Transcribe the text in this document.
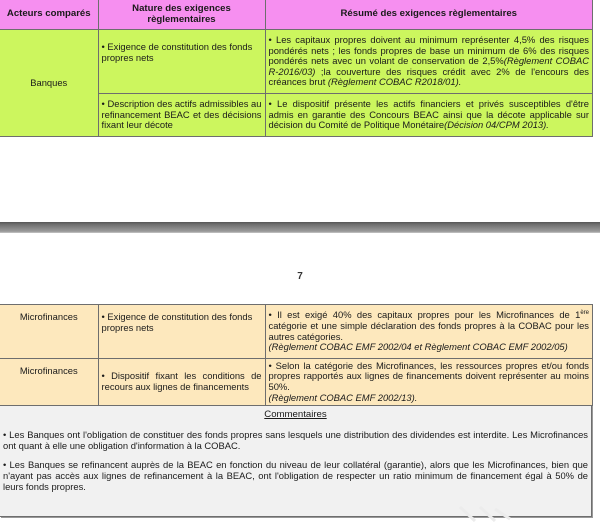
Acteurs comparés	Nature des exigences règlementaires	Résumé des exigences règlementaires
Banques	• Exigence de constitution des fonds propres nets	• Les capitaux propres doivent au minimum représenter 4,5% des risques pondérés nets ; les fonds propres de base un minimum de 6% des risques pondérés nets avec un volant de conservation de 2,5%(Règlement COBAC R-2016/03) ;la couverture des risques crédit avec 2% de l'encours des créances brut (Règlement COBAC R2018/01).
	• Description des actifs admissibles au refinancement BEAC et des décisions fixant leur décote	• Le dispositif présente les actifs financiers et privés susceptibles d'être admis en garantie des Concours BEAC ainsi que la décote applicable sur décision du Comité de Politique Monétaire(Décision 04/CPM 2013).
7
Microfinances	• Exigence de constitution des fonds propres nets	• Il est exigé 40% des capitaux propres pour les Microfinances de 1ère catégorie et une simple déclaration des fonds propres à la COBAC pour les autres catégories.
(Règlement COBAC EMF 2002/04 et Règlement COBAC EMF 2002/05)
Microfinances	• Dispositif fixant les conditions de recours aux lignes de financements	• Selon la catégorie des Microfinances, les ressources propres et/ou fonds propres rapportés aux lignes de financements doivent représenter au moins 50%.
(Règlement COBAC EMF 2002/13).
Commentaires

• Les Banques ont l'obligation de constituer des fonds propres sans lesquels une distribution des dividendes est interdite. Les Microfinances ont quant à elle une obligation d'information à la COBAC.

• Les Banques se refinancent auprès de la BEAC en fonction du niveau de leur collatéral (garantie), alors que les Microfinances, bien que n'ayant pas accès aux lignes de refinancement à la BEAC, ont l'obligation de respecter un ratio minimum de financement égal à 50% de leurs fonds propres.
